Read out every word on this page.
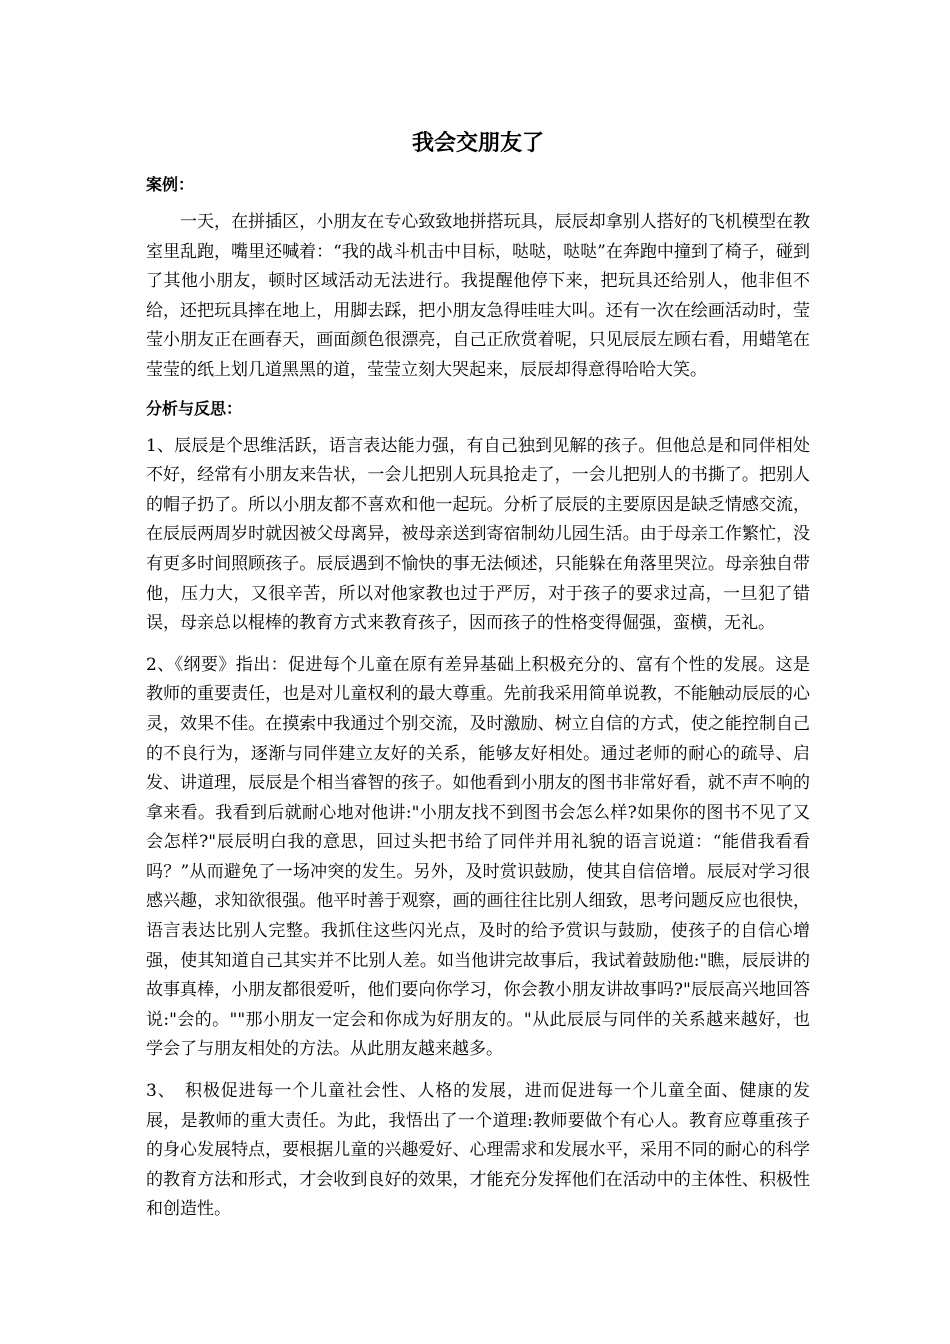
我会交朋友了
案例：

一天，在拼插区，小朋友在专心致致地拼搭玩具，辰辰却拿别人搭好的飞机模型在教室里乱跑，嘴里还喊着：“我的战斗机击中目标，哒哒，哒哒”在奔跑中撞到了椅子，碰到了其他小朋友，顿时区域活动无法进行。我提醒他停下来，把玩具还给别人，他非但不给，还把玩具摔在地上，用脚去踩，把小朋友急得哇哇大叫。还有一次在绘画活动时，莹莹小朋友正在画春天，画面颜色很漂亮，自己正欣赏着呢，只见辰辰左顾右看，用蜡笔在莹莹的纸上划几道黑黑的道，莹莹立刻大哭起来，辰辰却得意得哈哈大笑。

分析与反思：

1、辰辰是个思维活跃，语言表达能力强，有自己独到见解的孩子。但他总是和同伴相处不好，经常有小朋友来告状，一会儿把别人玩具抢走了，一会儿把别人的书撕了。把别人的帽子扔了。所以小朋友都不喜欢和他一起玩。分析了辰辰的主要原因是缺乏情感交流，在辰辰两周岁时就因被父母离异，被母亲送到寄宿制幼儿园生活。由于母亲工作繁忙，没有更多时间照顾孩子。辰辰遇到不愉快的事无法倾述，只能躲在角落里哭泣。母亲独自带他，压力大，又很辛苦，所以对他家教也过于严厉，对于孩子的要求过高，一旦犯了错误，母亲总以棍棒的教育方式来教育孩子，因而孩子的性格变得倔强，蛮横，无礼。

2、《纲要》指出：促进每个儿童在原有差异基础上积极充分的、富有个性的发展。这是教师的重要责任，也是对儿童权利的最大尊重。先前我采用简单说教，不能触动辰辰的心灵，效果不佳。在摸索中我通过个别交流，及时激励、树立自信的方式，使之能控制自己的不良行为，逐渐与同伴建立友好的关系，能够友好相处。通过老师的耐心的疏导、启发、讲道理，辰辰是个相当睿智的孩子。如他看到小朋友的图书非常好看，就不声不响的拿来看。我看到后就耐心地对他讲:"小朋友找不到图书会怎么样?如果你的图书不见了又会怎样?"辰辰明白我的意思，回过头把书给了同伴并用礼貌的语言说道：“能借我看看吗？”从而避免了一场冲突的发生。另外，及时赏识鼓励，使其自信倍增。辰辰对学习很感兴趣，求知欲很强。他平时善于观察，画的画往往比别人细致，思考问题反应也很快，语言表达比别人完整。我抓住这些闪光点，及时的给予赏识与鼓励，使孩子的自信心增强，使其知道自己其实并不比别人差。如当他讲完故事后，我试着鼓励他:"瞧，辰辰讲的故事真棒，小朋友都很爱听，他们要向你学习，你会教小朋友讲故事吗?"辰辰高兴地回答说:"会的。""那小朋友一定会和你成为好朋友的。"从此辰辰与同伴的关系越来越好，也学会了与朋友相处的方法。从此朋友越来越多。

3、　积极促进每一个儿童社会性、人格的发展，进而促进每一个儿童全面、健康的发展，是教师的重大责任。为此，我悟出了一个道理:教师要做个有心人。教育应尊重孩子的身心发展特点，要根据儿童的兴趣爱好、心理需求和发展水平，采用不同的耐心的科学的教育方法和形式，才会收到良好的效果，才能充分发挥他们在活动中的主体性、积极性和创造性。
